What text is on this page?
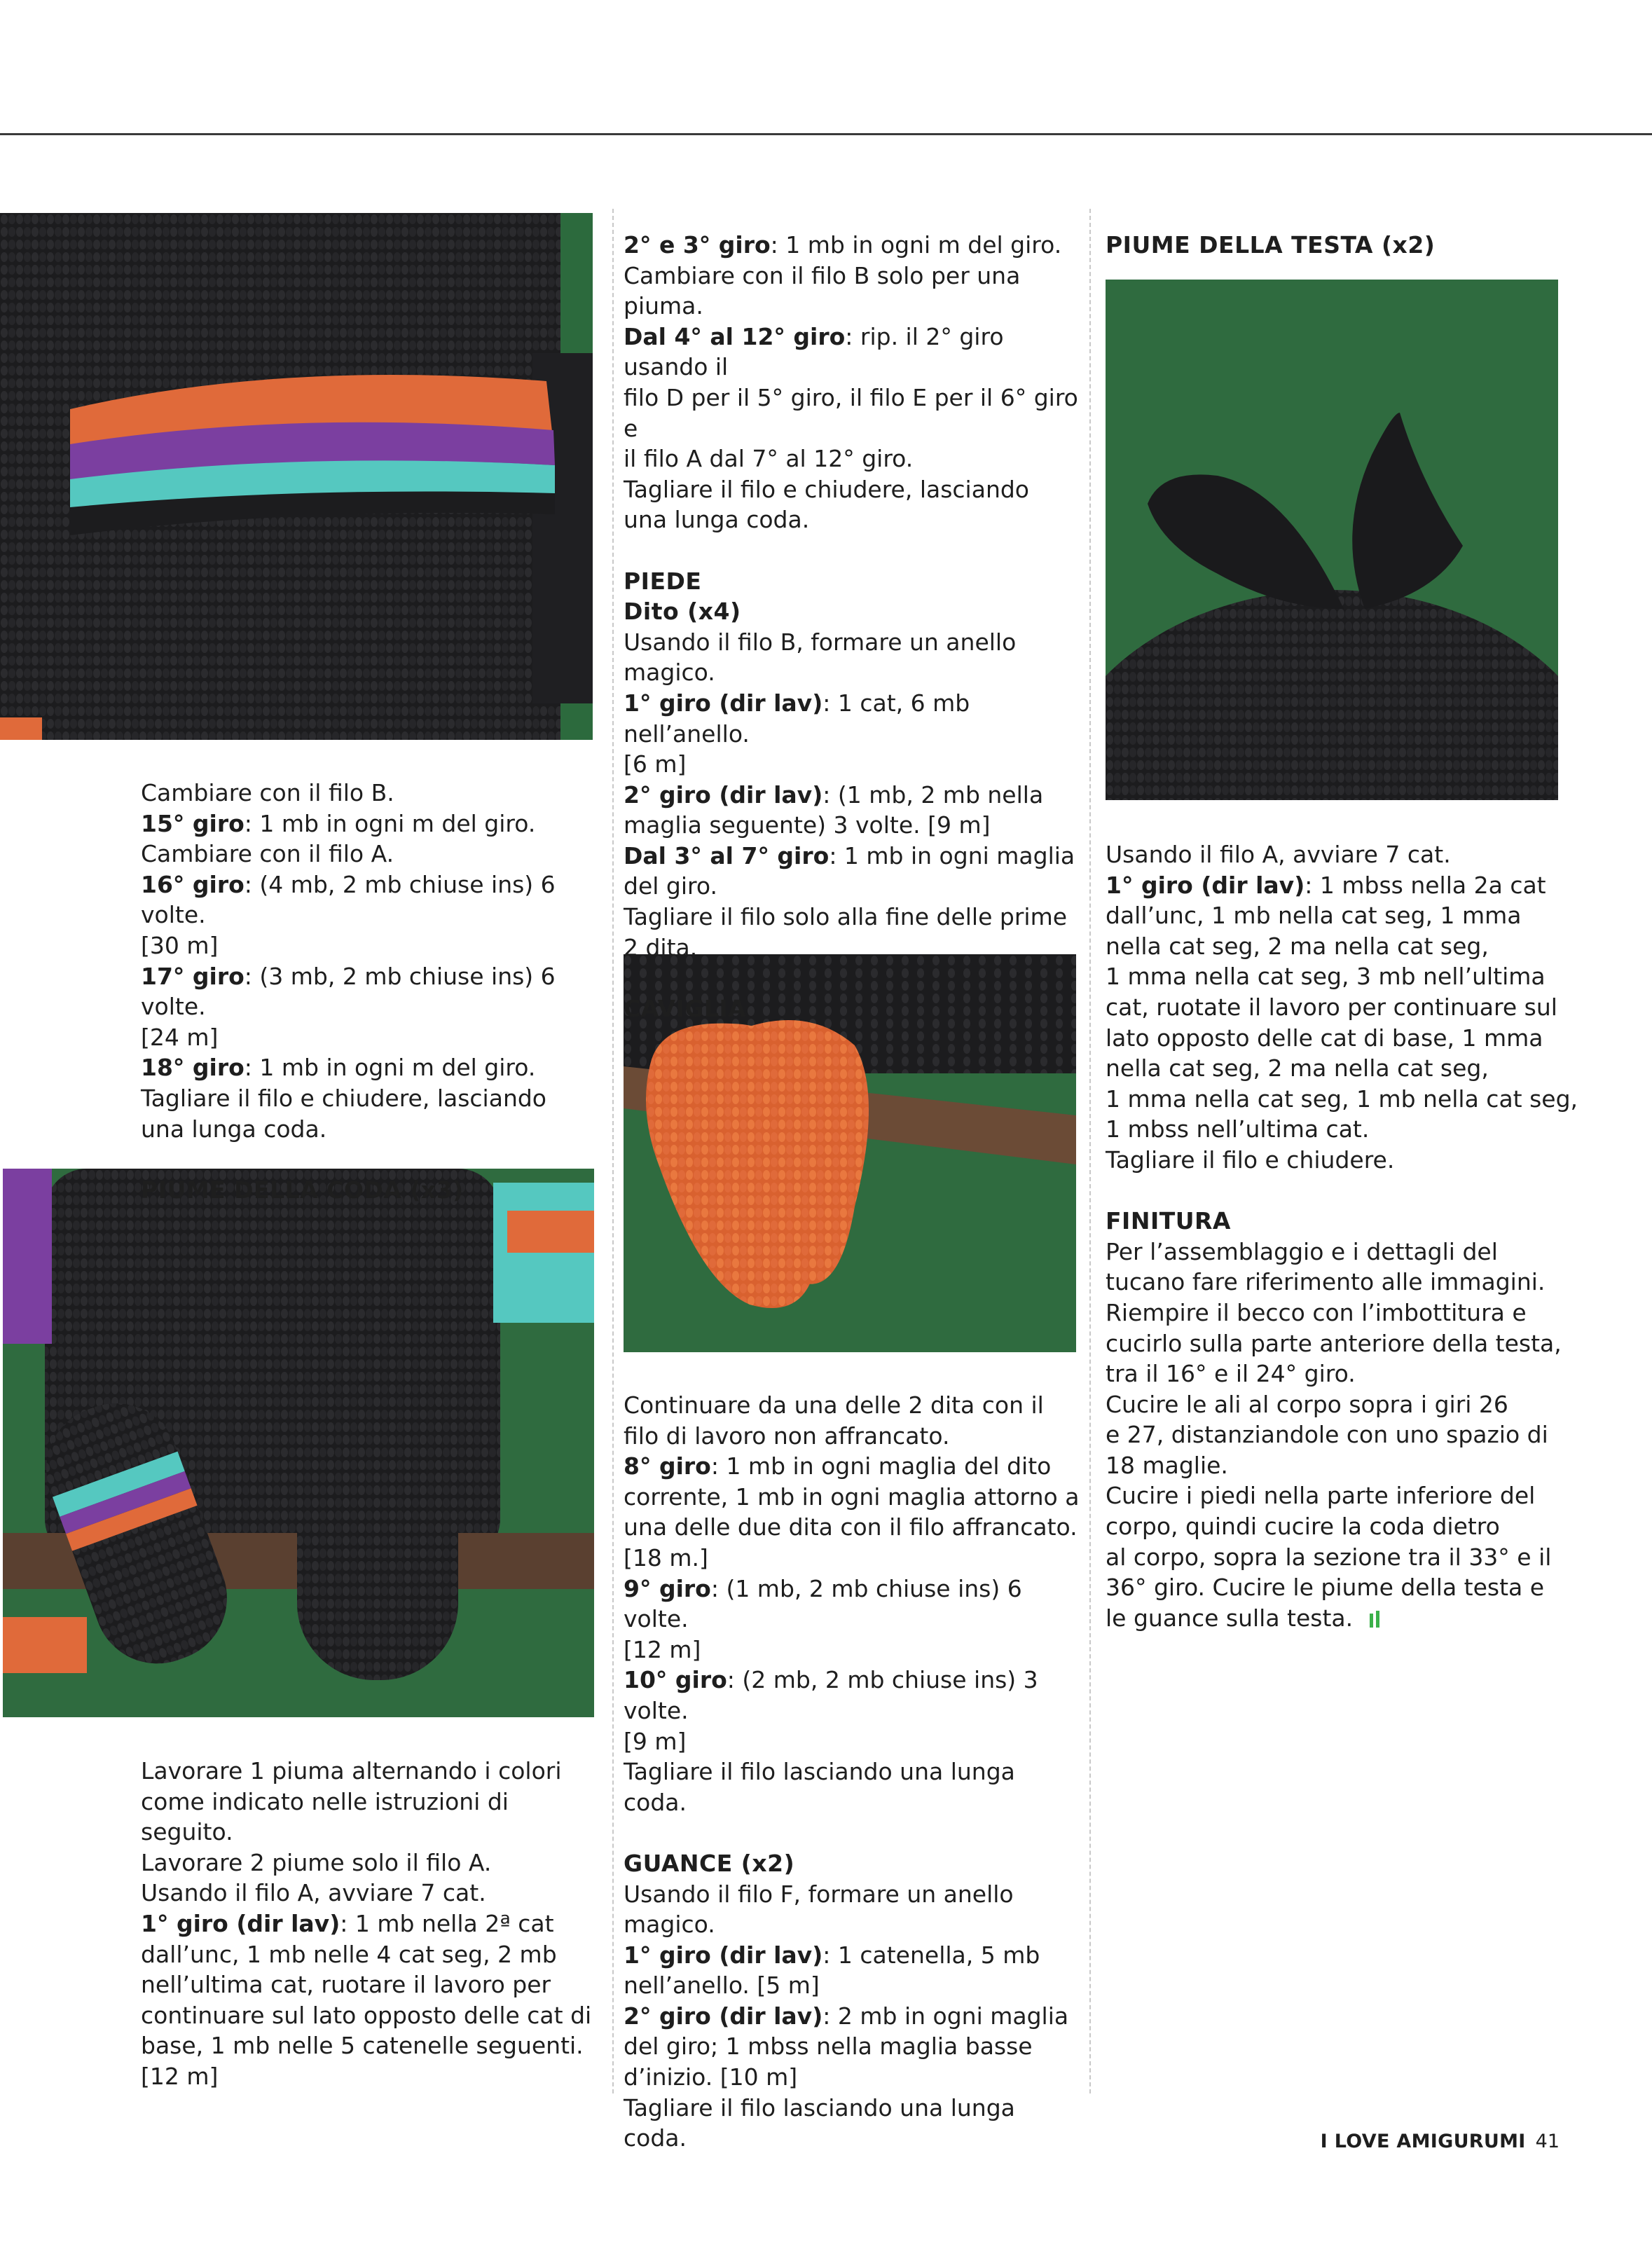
Cambiare con il filo B.

15° giro: 1 mb in ogni m del giro.

Cambiare con il filo A.

16° giro: (4 mb, 2 mb chiuse ins) 6 volte.

[30 m]

17° giro: (3 mb, 2 mb chiuse ins) 6 volte.

[24 m]

18° giro: 1 mb in ogni m del giro.

Tagliare il filo e chiudere, lasciando

una lunga coda.

PIUME DELLA CODA (x3)

Lavorare 1 piuma alternando i colori

come indicato nelle istruzioni di

seguito.

Lavorare 2 piume solo il filo A.

Usando il filo A, avviare 7 cat.

1° giro (dir lav): 1 mb nella 2ª cat

dall’unc, 1 mb nelle 4 cat seg, 2 mb

nell’ultima cat, ruotare il lavoro per

continuare sul lato opposto delle cat di

base, 1 mb nelle 5 catenelle seguenti.

[12 m]

2° e 3° giro: 1 mb in ogni m del giro.

Cambiare con il filo B solo per una

piuma.

Dal 4° al 12° giro: rip. il 2° giro usando il

filo D per il 5° giro, il filo E per il 6° giro e

il filo A dal 7° al 12° giro.

Tagliare il filo e chiudere, lasciando

una lunga coda.

PIEDE

Dito (x4)

Usando il filo B, formare un anello

magico.

1° giro (dir lav): 1 cat, 6 mb nell’anello.

[6 m]

2° giro (dir lav): (1 mb, 2 mb nella

maglia seguente) 3 volte. [9 m]

Dal 3° al 7° giro: 1 mb in ogni maglia

del giro.

Tagliare il filo solo alla fine delle prime

2 dita.

CAVIGLIA

Continuare da una delle 2 dita con il

filo di lavoro non affrancato.

8° giro: 1 mb in ogni maglia del dito

corrente, 1 mb in ogni maglia attorno a

una delle due dita con il filo affrancato.

[18 m.]

9° giro: (1 mb, 2 mb chiuse ins) 6 volte.

[12 m]

10° giro: (2 mb, 2 mb chiuse ins) 3 volte.

[9 m]

Tagliare il filo lasciando una lunga

coda.

GUANCE (x2)

Usando il filo F, formare un anello

magico.

1° giro (dir lav): 1 catenella, 5 mb

nell’anello. [5 m]

2° giro (dir lav): 2 mb in ogni maglia

del giro; 1 mbss nella maglia basse

d’inizio. [10 m]

Tagliare il filo lasciando una lunga

coda.

PIUME DELLA TESTA (x2)

Usando il filo A, avviare 7 cat.

1° giro (dir lav): 1 mbss nella 2a cat

dall’unc, 1 mb nella cat seg, 1 mma

nella cat seg, 2 ma nella cat seg,

1 mma nella cat seg, 3 mb nell’ultima

cat, ruotate il lavoro per continuare sul

lato opposto delle cat di base, 1 mma

nella cat seg, 2 ma nella cat seg,

1 mma nella cat seg, 1 mb nella cat seg,

1 mbss nell’ultima cat.

Tagliare il filo e chiudere.

FINITURA

Per l’assemblaggio e i dettagli del

tucano fare riferimento alle immagini.

Riempire il becco con l’imbottitura e

cucirlo sulla parte anteriore della testa,

tra il 16° e il 24° giro.

Cucire le ali al corpo sopra i giri 26

e 27, distanziandole con uno spazio di

18 maglie.

Cucire i piedi nella parte inferiore del

corpo, quindi cucire la coda dietro

al corpo, sopra la sezione tra il 33° e il

36° giro. Cucire le piume della testa e

le guance sulla testa.

I LOVE AMIGURUMI 41
